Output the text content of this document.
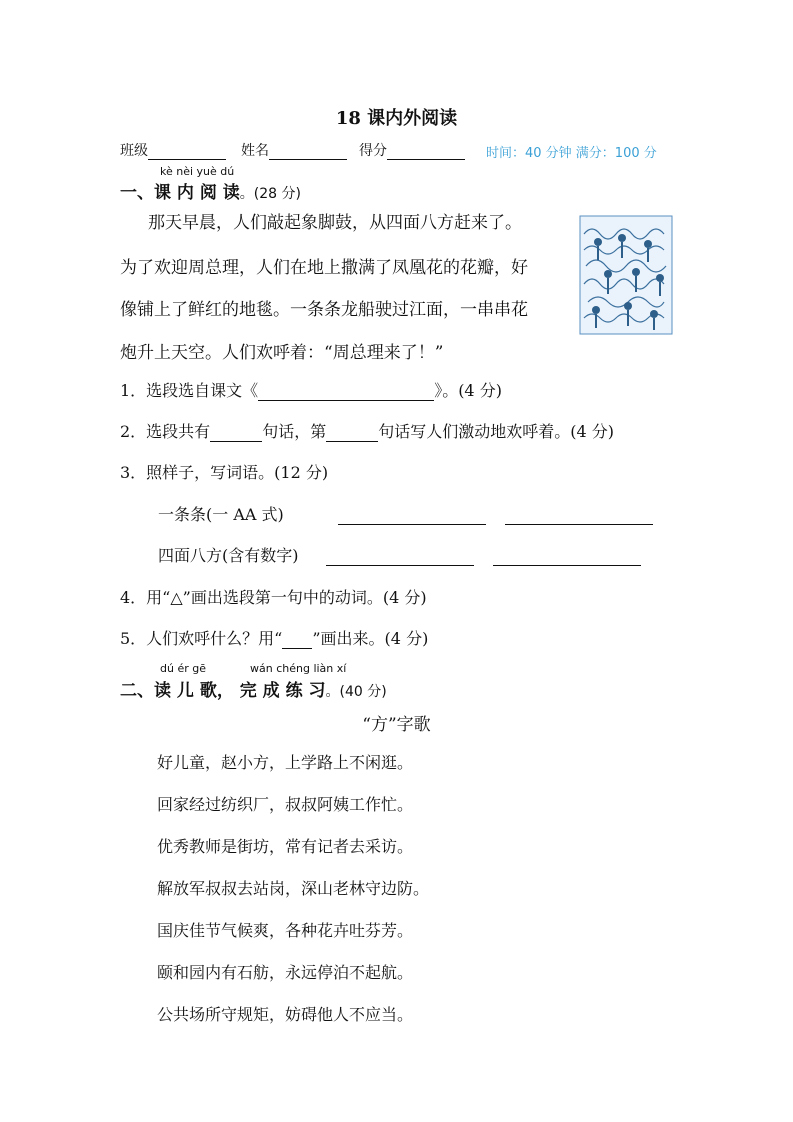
18 课内外阅读
班级	姓名	得分	时间：40 分钟 满分：100 分
kè nèi yuè dú
一、课 内 阅 读。(28 分)
那天早晨，人们敲起象脚鼓，从四面八方赶来了。
为了欢迎周总理，人们在地上撒满了凤凰花的花瓣，好
像铺上了鲜红的地毯。一条条龙船驶过江面，一串串花
炮升上天空。人们欢呼着：“周总理来了！”
1．选段选自课文《	》。(4 分)
2．选段共有	句话，第	句话写人们激动地欢呼着。(4 分)
3．照样子，写词语。(12 分)
一条条(一 AA 式)

四面八方(含有数字)

4．用“△”画出选段第一句中的动词。(4 分)
5．人们欢呼什么？用“ ”画出来。(4 分)
dú ér gē	wán chéng liàn xí
二、读 儿 歌， 完 成 练 习。(40 分)
“方”字歌
好儿童，赵小方，上学路上不闲逛。
回家经过纺织厂，叔叔阿姨工作忙。
优秀教师是街坊，常有记者去采访。
解放军叔叔去站岗，深山老林守边防。
国庆佳节气候爽，各种花卉吐芬芳。
颐和园内有石舫，永远停泊不起航。
公共场所守规矩，妨碍他人不应当。
